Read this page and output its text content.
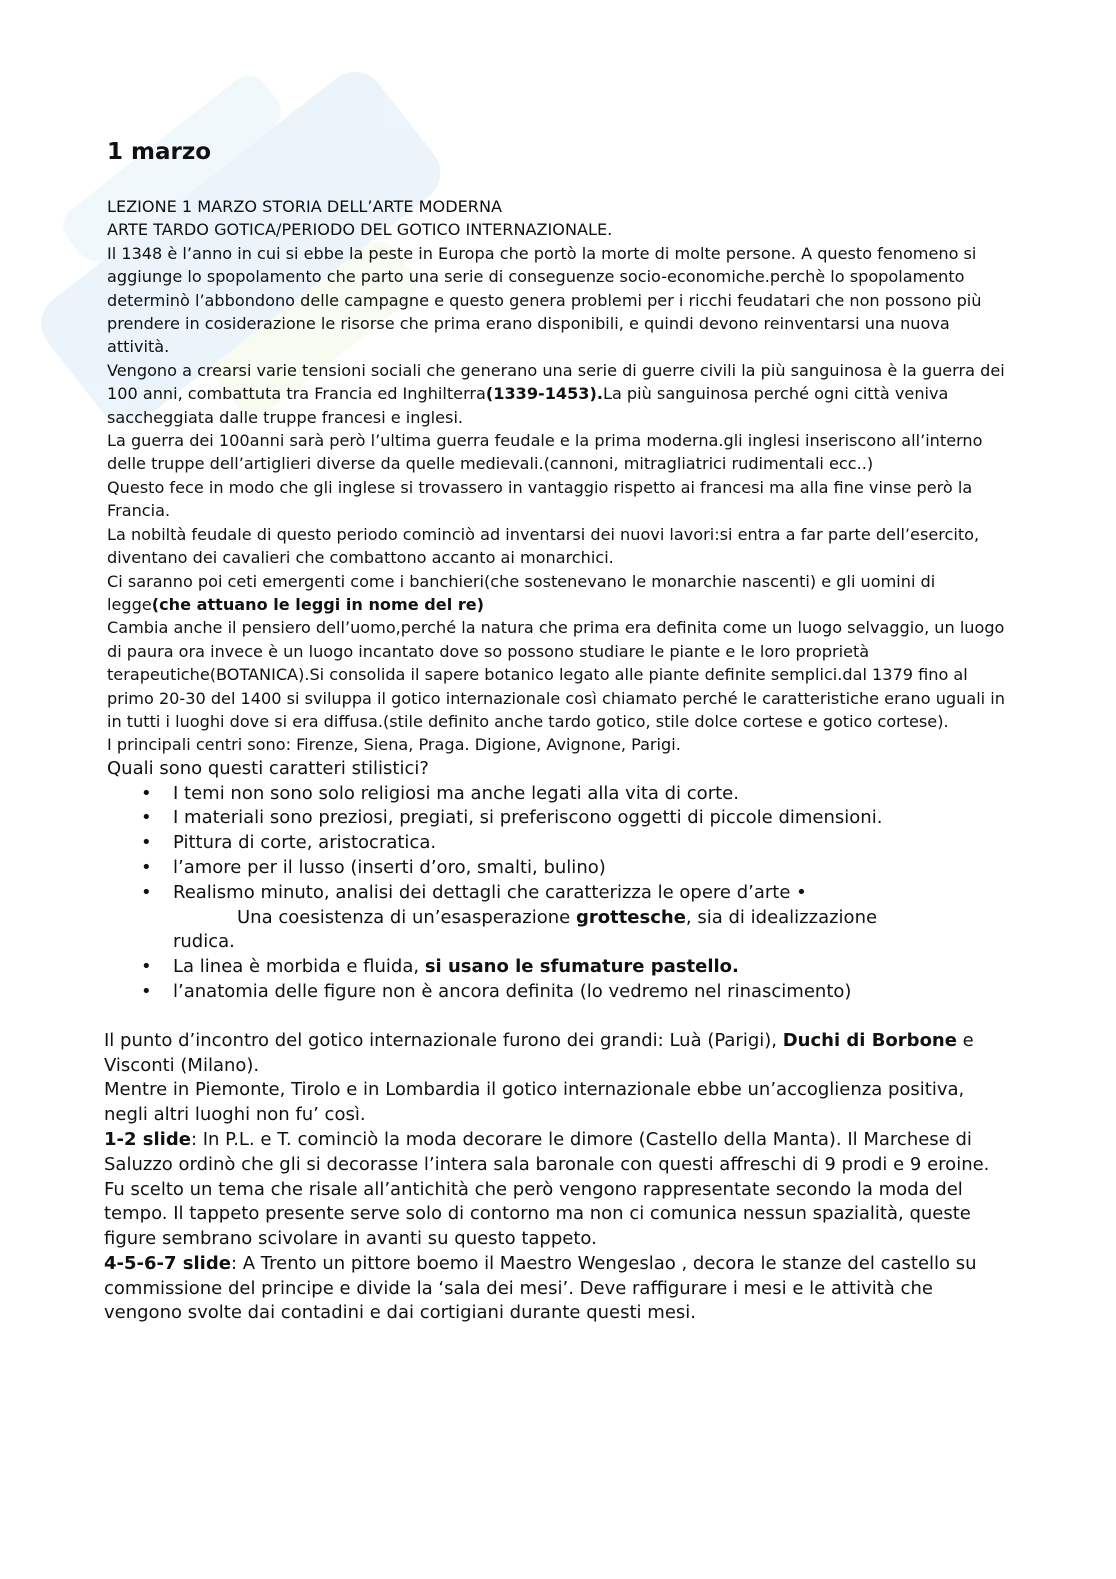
1 marzo
LEZIONE 1 MARZO STORIA DELL’ARTE MODERNA
ARTE TARDO GOTICA/PERIODO DEL GOTICO INTERNAZIONALE.

Il 1348 è l’anno in cui si ebbe la peste in Europa che portò la morte di molte persone. A questo fenomeno si aggiunge lo spopolamento che parto una serie di conseguenze socio-economiche.perchè lo spopolamento determinò l’abbondono delle campagne e questo genera problemi per i ricchi feudatari che non possono più prendere in cosiderazione le risorse che prima erano disponibili, e quindi devono reinventarsi una nuova attività.

Vengono a crearsi varie tensioni sociali che generano una serie di guerre civili la più sanguinosa è la guerra dei 100 anni, combattuta tra Francia ed Inghilterra(1339-1453).La più sanguinosa perché ogni città veniva saccheggiata dalle truppe francesi e inglesi.

La guerra dei 100anni sarà però l’ultima guerra feudale e la prima moderna.gli inglesi inseriscono all’interno delle truppe dell’artiglieri diverse da quelle medievali.(cannoni, mitragliatrici rudimentali ecc..)

Questo fece in modo che gli inglese si trovassero in vantaggio rispetto ai francesi ma alla fine vinse però la Francia.

La nobiltà feudale di questo periodo cominciò ad inventarsi dei nuovi lavori:si entra a far parte dell’esercito, diventano dei cavalieri che combattono accanto ai monarchici.

Ci saranno poi ceti emergenti come i banchieri(che sostenevano le monarchie nascenti) e gli uomini di legge(che attuano le leggi in nome del re)

Cambia anche il pensiero dell’uomo,perché la natura che prima era definita come un luogo selvaggio, un luogo di paura ora invece è un luogo incantato dove so possono studiare le piante e le loro proprietà terapeutiche(BOTANICA).Si consolida il sapere botanico legato alle piante definite semplici.dal 1379 fino al primo 20-30 del 1400 si sviluppa il gotico internazionale così chiamato perché le caratteristiche erano uguali in in tutti i luoghi dove si era diffusa.(stile definito anche tardo gotico, stile dolce cortese e gotico cortese).

I principali centri sono: Firenze, Siena, Praga. Digione, Avignone, Parigi.

Quali sono questi caratteri stilistici?
• I temi non sono solo religiosi ma anche legati alla vita di corte.
• I materiali sono preziosi, pregiati, si preferiscono oggetti di piccole dimensioni.
• Pittura di corte, aristocratica.
• l’amore per il lusso (inserti d’oro, smalti, bulino)
• Realismo minuto, analisi dei dettagli che caratterizza le opere d’arte •
Una coesistenza di un’esasperazione grottesche, sia di idealizzazione
rudica.
• La linea è morbida e fluida, si usano le sfumature pastello.
• l’anatomia delle figure non è ancora definita (lo vedremo nel rinascimento)

Il punto d’incontro del gotico internazionale furono dei grandi: Luà (Parigi), Duchi di Borbone e Visconti (Milano).

Mentre in Piemonte, Tirolo e in Lombardia il gotico internazionale ebbe un’accoglienza positiva, negli altri luoghi non fu’ così.

1-2 slide: In P.L. e T. cominciò la moda decorare le dimore (Castello della Manta). Il Marchese di

Saluzzo ordinò che gli si decorasse l’intera sala baronale con questi affreschi di 9 prodi e 9 eroine.

Fu scelto un tema che risale all’antichità che però vengono rappresentate secondo la moda del tempo. Il tappeto presente serve solo di contorno ma non ci comunica nessun spazialità, queste figure sembrano scivolare in avanti su questo tappeto.

4-5-6-7 slide: A Trento un pittore boemo il Maestro Wengeslao , decora le stanze del castello su commissione del principe e divide la ‘sala dei mesi’. Deve raffigurare i mesi e le attività che vengono svolte dai contadini e dai cortigiani durante questi mesi.
